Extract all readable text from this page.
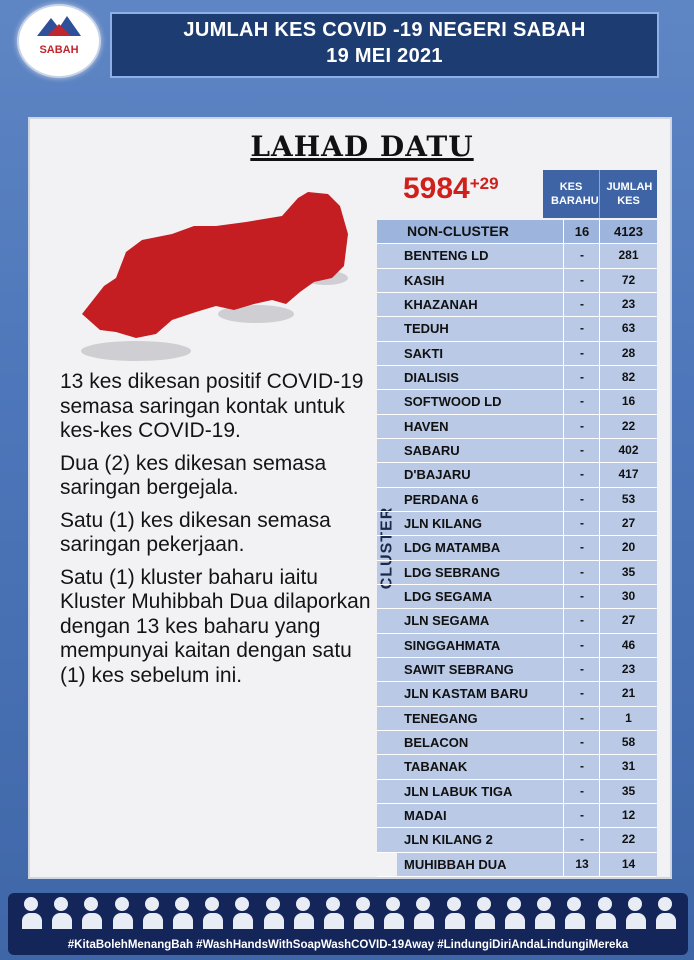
SABAH
JUMLAH KES COVID -19 NEGERI SABAH
19 MEI 2021
LAHAD DATU
5984+29	KES BARAHU
JUMLAH KES
CLUSTER
NON-CLUSTER	16	4123
BENTENG LD	-	281
KASIH	-	72
KHAZANAH	-	23
TEDUH	-	63
SAKTI	-	28
DIALISIS	-	82
SOFTWOOD LD	-	16
HAVEN	-	22
SABARU	-	402
D'BAJARU	-	417
PERDANA 6	-	53
JLN KILANG	-	27
LDG MATAMBA	-	20
LDG SEBRANG	-	35
LDG SEGAMA	-	30
JLN SEGAMA	-	27
SINGGAHMATA	-	46
SAWIT SEBRANG	-	23
JLN KASTAM BARU	-	21
TENEGANG	-	1
BELACON	-	58
TABANAK	-	31
JLN LABUK TIGA	-	35
MADAI	-	12
JLN KILANG 2	-	22
MUHIBBAH DUA	13	14

13 kes dikesan positif COVID-19 semasa saringan kontak untuk kes-kes COVID-19.

Dua (2) kes dikesan semasa saringan bergejala.

Satu (1) kes dikesan semasa saringan pekerjaan.

Satu (1) kluster baharu iaitu Kluster Muhibbah Dua dilaporkan dengan 13 kes baharu yang mempunyai kaitan dengan satu (1) kes sebelum ini.

#KitaBolehMenangBah #WashHandsWithSoapWashCOVID-19Away #LindungiDiriAndaLindungiMereka
